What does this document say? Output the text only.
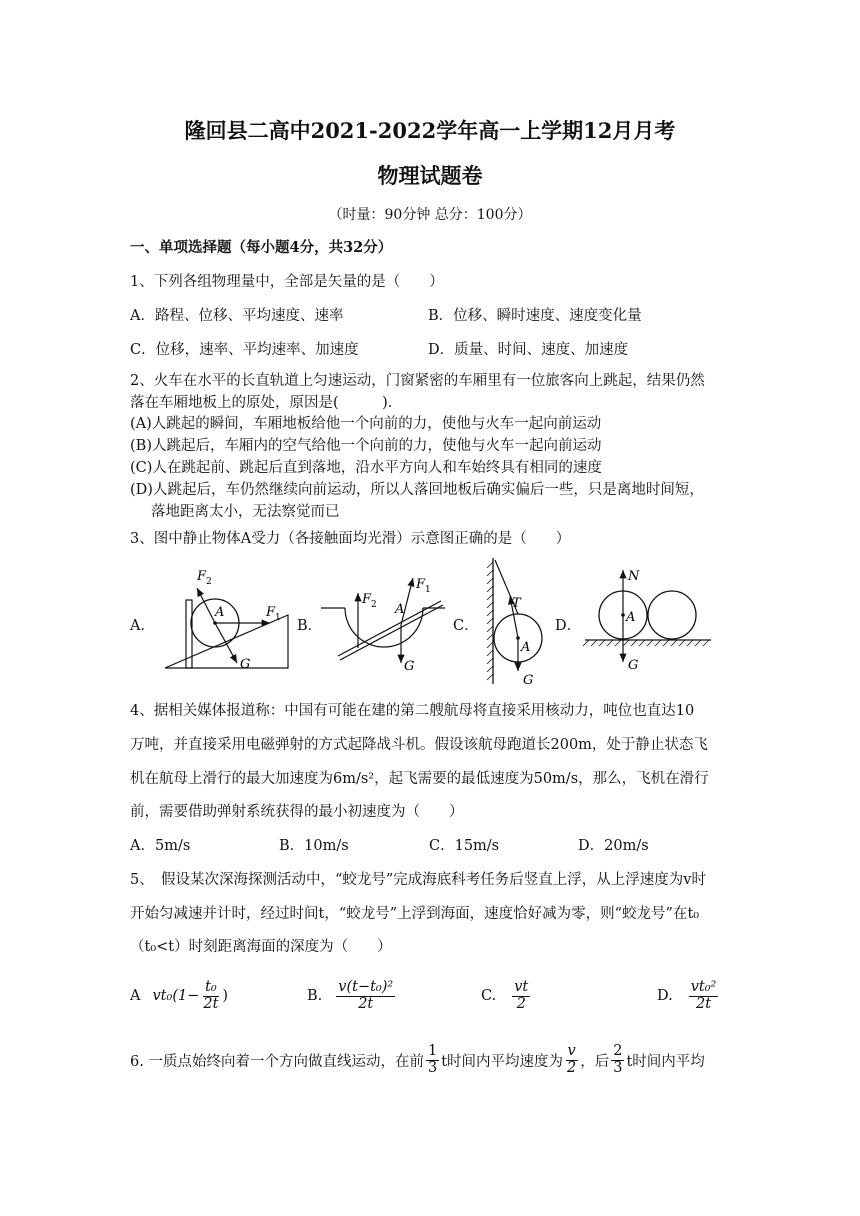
隆回县二高中2021-2022学年高一上学期12月月考
物理试题卷
（时量：90分钟 总分：100分）
一、单项选择题（每小题4分，共32分）
1、下列各组物理量中，全部是矢量的是（　　）
A．路程、位移、平均速度、速率	B．位移、瞬时速度、速度变化量
C．位移，速率、平均速率、加速度	D．质量、时间、速度、加速度
2、火车在水平的长直轨道上匀速运动，门窗紧密的车厢里有一位旅客向上跳起，结果仍然
落在车厢地板上的原处，原因是(　　　).
(A)人跳起的瞬间，车厢地板给他一个向前的力，使他与火车一起向前运动
(B)人跳起后，车厢内的空气给他一个向前的力，使他与火车一起向前运动
(C)人在跳起前、跳起后直到落地，沿水平方向人和车始终具有相同的速度
(D)人跳起后，车仍然继续向前运动，所以人落回地板后确实偏后一些，只是离地时间短，
落地距离太小，无法察觉而已
3、图中静止物体A受力（各接触面均光滑）示意图正确的是（　　）
A．	B．	C．	D．
F 2
A	F 1
G
F 2
F 1
A
G
T
A
G
N
A
G
4、据相关媒体报道称：中国有可能在建的第二艘航母将直接采用核动力，吨位也直达10
万吨，并直接采用电磁弹射的方式起降战斗机。假设该航母跑道长200m，处于静止状态飞
机在航母上滑行的最大加速度为6m/s²，起飞需要的最低速度为50m/s，那么，飞机在滑行
前，需要借助弹射系统获得的最小初速度为（　　）
A．5m/s	B．10m/s	C．15m/s	D．20m/s
5、　假设某次深海探测活动中，“蛟龙号”完成海底科考任务后竖直上浮，从上浮速度为v时
开始匀减速并计时，经过时间t，“蛟龙号”上浮到海面，速度恰好减为零，则“蛟龙号”在t₀
（t₀<t）时刻距离海面的深度为（　　）
A $vt_0(1- \frac{\text{t₀}}{2t}$ )	B. $\frac{\text{v(t−t₀)²}}{2t}$	C. $\frac{vt}{2}$	D. $\frac{\text{vt₀²}}{2t}$
6. 一质点始终向着一个方向做直线运动，在前 $\frac{1}{3}$ t时间内平均速度为 $\frac{v}{2}$ ，后 $\frac{2}{3}$ t时间内平均
